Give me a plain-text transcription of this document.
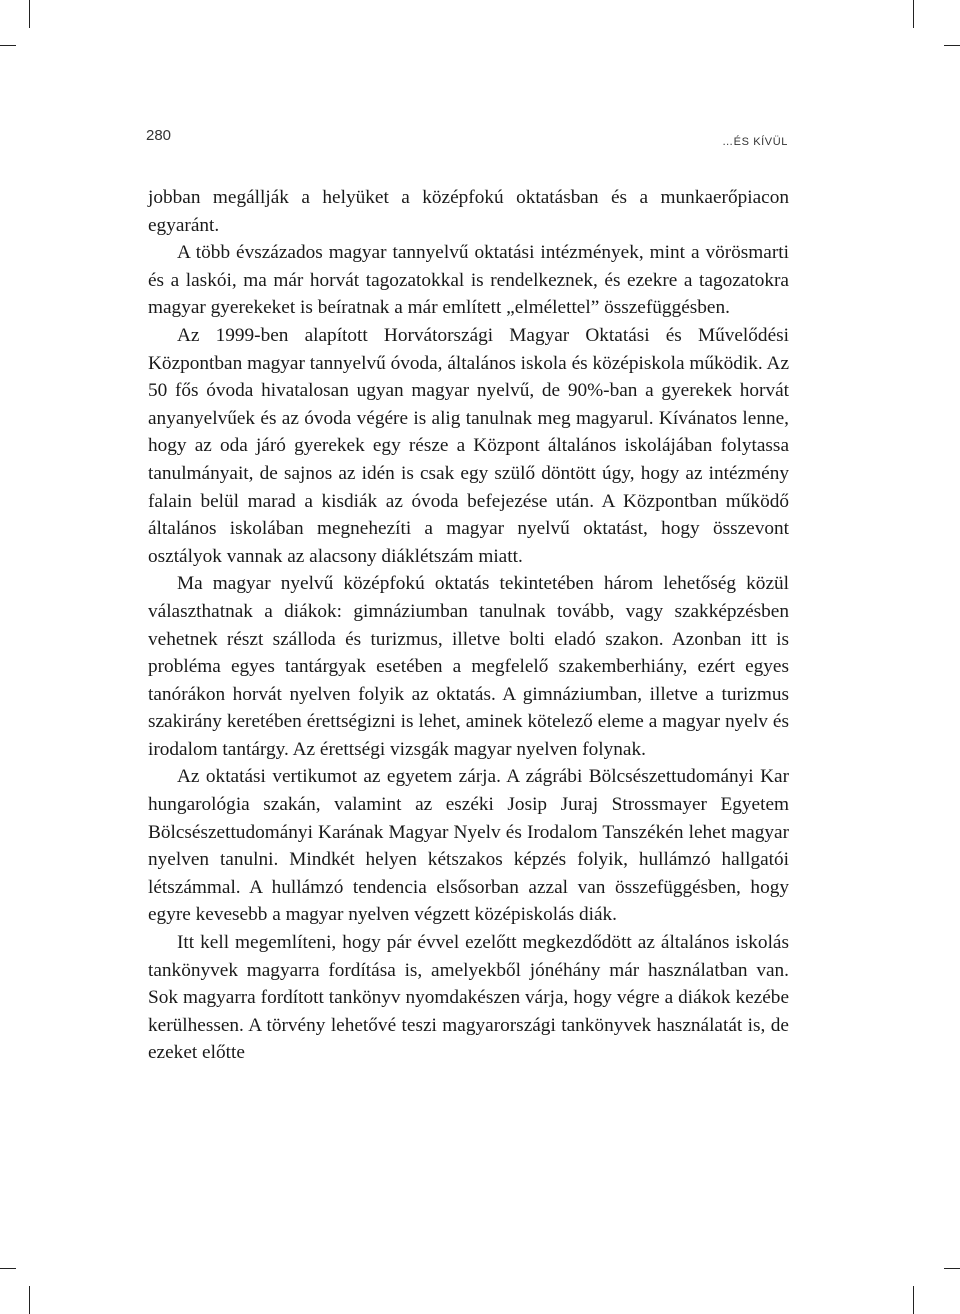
280	…ÉS KÍVÜL

jobban megállják a helyüket a középfokú oktatásban és a munkaerőpiacon egyaránt.

A több évszázados magyar tannyelvű oktatási intézmények, mint a vörösmarti és a laskói, ma már horvát tagozatokkal is rendelkeznek, és ezekre a tagozatokra magyar gyerekeket is beíratnak a már említett „elmélettel” összefüggésben.

Az 1999-ben alapított Horvátországi Magyar Oktatási és Művelődési Központban magyar tannyelvű óvoda, általános iskola és középiskola működik. Az 50 fős óvoda hivatalosan ugyan magyar nyelvű, de 90%-ban a gyerekek horvát anyanyelvűek és az óvoda végére is alig tanulnak meg magyarul. Kívánatos lenne, hogy az oda járó gyerekek egy része a Központ általános iskolájában folytassa tanulmányait, de sajnos az idén is csak egy szülő döntött úgy, hogy az intézmény falain belül marad a kisdiák az óvoda befejezése után. A Központban működő általános iskolában megnehezíti a magyar nyelvű oktatást, hogy összevont osztályok vannak az alacsony diáklétszám miatt.

Ma magyar nyelvű középfokú oktatás tekintetében három lehetőség közül választhatnak a diákok: gimnáziumban tanulnak tovább, vagy szakképzésben vehetnek részt szálloda és turizmus, illetve bolti eladó szakon. Azonban itt is probléma egyes tantárgyak esetében a megfelelő szakemberhiány, ezért egyes tanórákon horvát nyelven folyik az oktatás. A gimnáziumban, illetve a turizmus szakirány keretében érettségizni is lehet, aminek kötelező eleme a magyar nyelv és irodalom tantárgy. Az érettségi vizsgák magyar nyelven folynak.

Az oktatási vertikumot az egyetem zárja. A zágrábi Bölcsészettudományi Kar hungarológia szakán, valamint az eszéki Josip Juraj Strossmayer Egyetem Bölcsészettudományi Karának Magyar Nyelv és Irodalom Tanszékén lehet magyar nyelven tanulni. Mindkét helyen kétszakos képzés folyik, hullámzó hallgatói létszámmal. A hullámzó tendencia elsősorban azzal van összefüggésben, hogy egyre kevesebb a magyar nyelven végzett középiskolás diák.

Itt kell megemlíteni, hogy pár évvel ezelőtt megkezdődött az általános iskolás tankönyvek magyarra fordítása is, amelyekből jónéhány már használatban van. Sok magyarra fordított tankönyv nyomdakészen várja, hogy végre a diákok kezébe kerülhessen. A törvény lehetővé teszi magyarországi tankönyvek használatát is, de ezeket előtte
